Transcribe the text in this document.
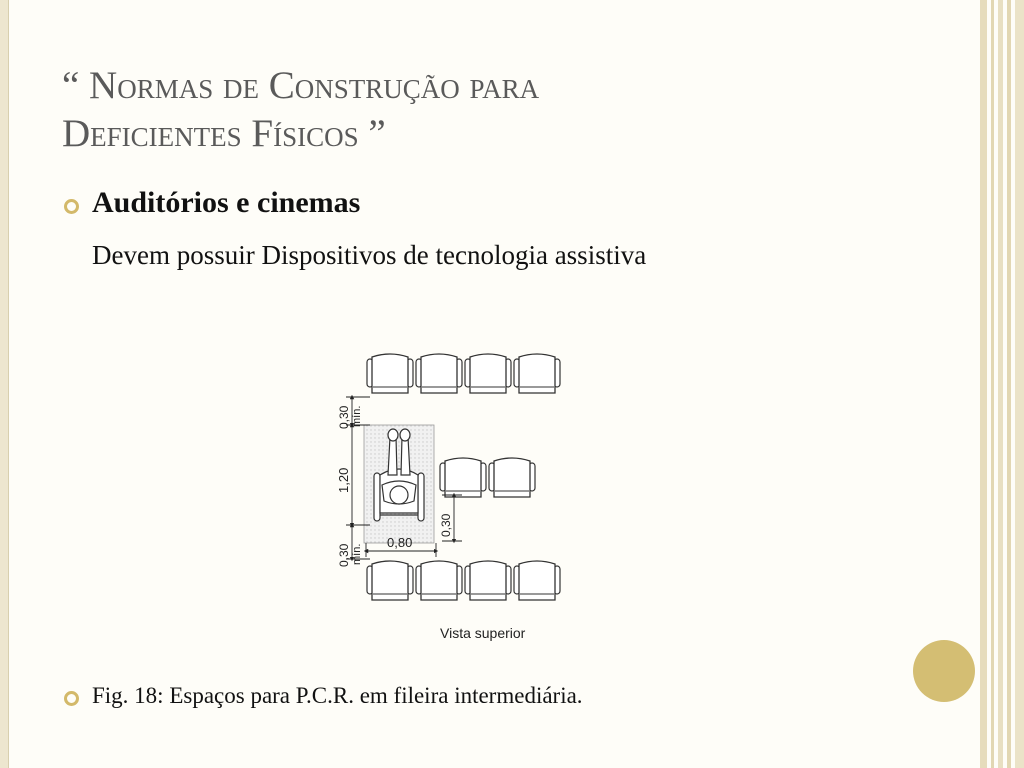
“ Normas de Construção para
Deficientes Físicos ”
Auditórios e cinemas
Devem possuir Dispositivos de tecnologia assistiva
0,30 mín.
1,20
0,30 mín.
0,80
0,30
Vista superior
Fig. 18: Espaços para P.C.R. em fileira intermediária.
